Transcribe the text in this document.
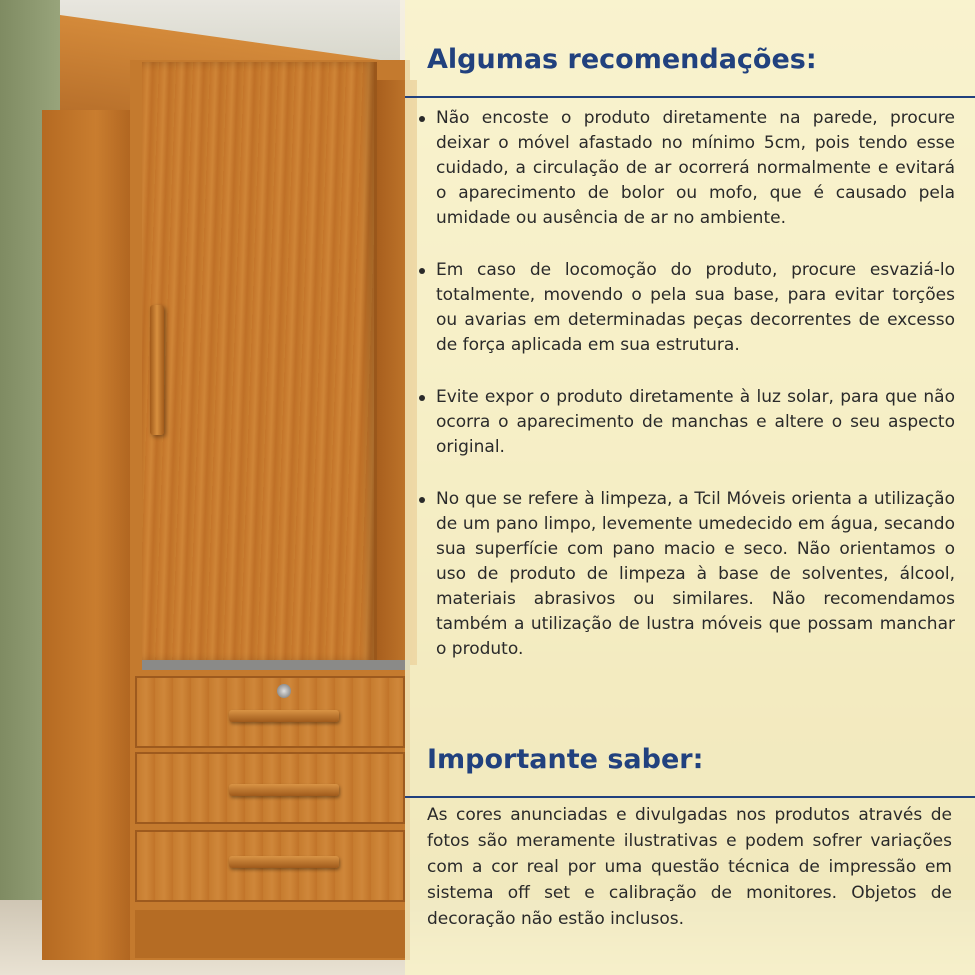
Algumas recomendações:
Não encoste o produto diretamente na parede, procure deixar o móvel afastado no mínimo 5cm, pois tendo esse cuidado, a circulação de ar ocorrerá normalmente e evitará o aparecimento de bolor ou mofo, que é causado pela umidade ou ausência de ar no ambiente.
Em caso de locomoção do produto, procure esvaziá-lo totalmente, movendo o pela sua base, para evitar torções ou avarias em determinadas peças decorrentes de excesso de força aplicada em sua estrutura.
Evite expor o produto diretamente à luz solar, para que não ocorra o aparecimento de manchas e altere o seu aspecto original.
No que se refere à limpeza, a Tcil Móveis orienta a utilização de um pano limpo, levemente umedecido em água, secando sua superfície com pano macio e seco. Não orientamos o uso de produto de limpeza à base de solventes, álcool, materiais abrasivos ou similares. Não recomendamos também a utilização de lustra móveis que possam manchar o produto.
Importante saber:

As cores anunciadas e divulgadas nos produtos através de fotos são meramente ilustrativas e podem sofrer variações com a cor real por uma questão técnica de impressão em sistema off set e calibração de monitores. Objetos de decoração não estão inclusos.
